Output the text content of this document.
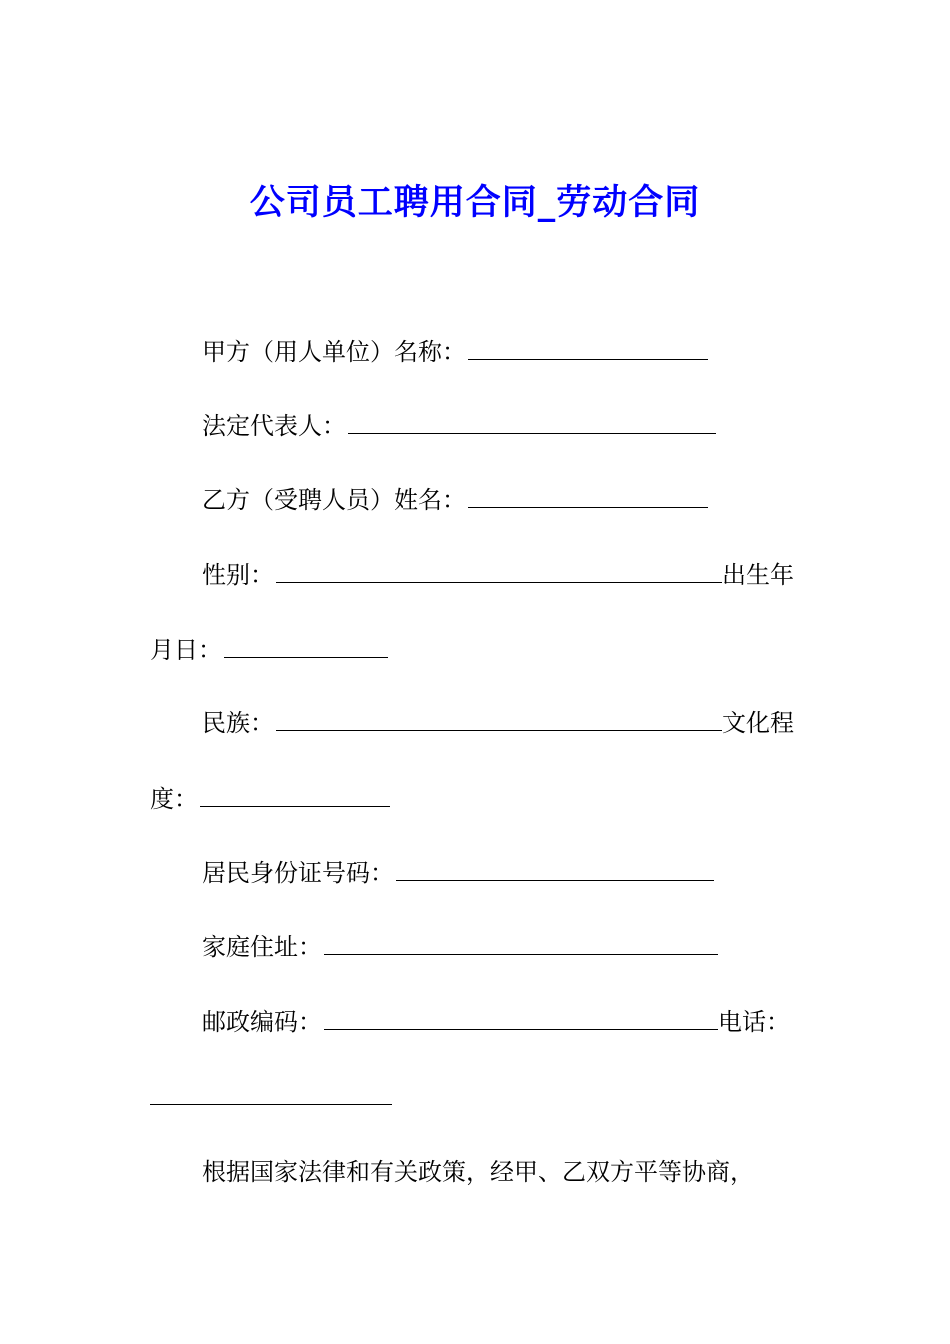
公司员工聘用合同_劳动合同
甲方（用人单位）名称：
法定代表人：
乙方（受聘人员）姓名：
性别：	出生年
月日：
民族：	文化程
度：
居民身份证号码：
家庭住址：
邮政编码：	电话：
根据国家法律和有关政策，经甲、乙双方平等协商，
